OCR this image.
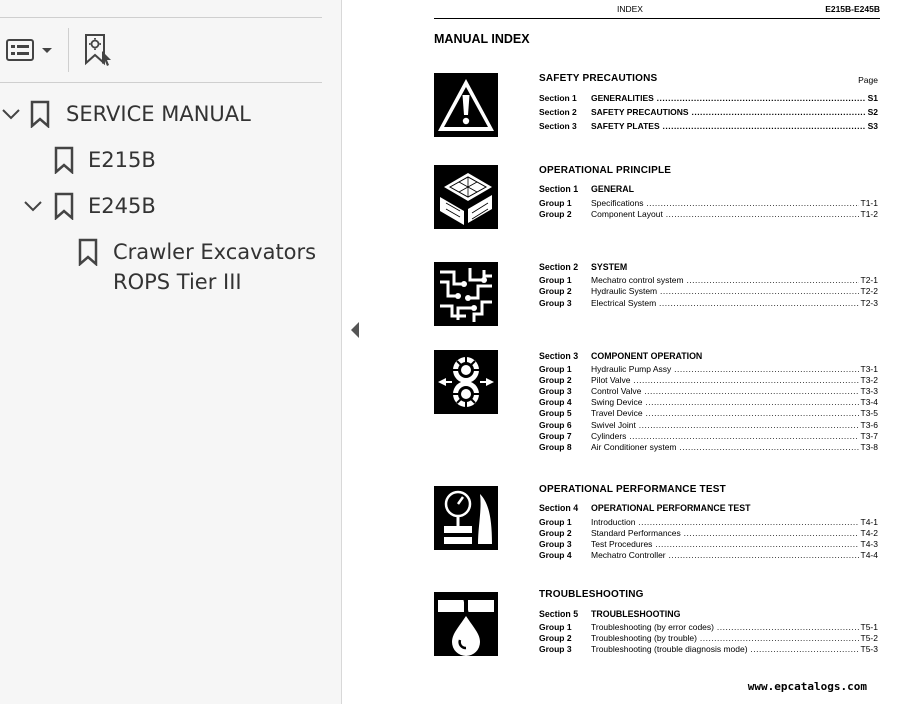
SERVICE MANUAL
E215B
E245B
Crawler Excavators
ROPS Tier III
INDEX	E215B-E245B
MANUAL INDEX
SAFETY PRECAUTIONS	Page
Section 1 GENERALITIES .....	S1
Section 2 SAFETY PRECAUTIONS .....	S2
Section 3 SAFETY PLATES .....	S3
OPERATIONAL PRINCIPLE
Section 1 GENERAL
Group 1 Specifications .....	T1-1
Group 2 Component Layout .....	T1-2
Section 2 SYSTEM
Group 1 Mechatro control system .....	T2-1
Group 2 Hydraulic System .....	T2-2
Group 3 Electrical System .....	T2-3
Section 3 COMPONENT OPERATION
Group 1 Hydraulic Pump Assy .....	T3-1
Group 2 Pilot Valve .....	T3-2
Group 3 Control Valve .....	T3-3
Group 4 Swing Device .....	T3-4
Group 5 Travel Device .....	T3-5
Group 6 Swivel Joint .....	T3-6
Group 7 Cylinders .....	T3-7
Group 8 Air Conditioner system .....	T3-8
OPERATIONAL PERFORMANCE TEST
Section 4 OPERATIONAL PERFORMANCE TEST
Group 1 Introduction .....	T4-1
Group 2 Standard Performances .....	T4-2
Group 3 Test Procedures .....	T4-3
Group 4 Mechatro Controller .....	T4-4
TROUBLESHOOTING
Section 5 TROUBLESHOOTING
Group 1 Troubleshooting (by error codes) .....	T5-1
Group 2 Troubleshooting (by trouble) .....	T5-2
Group 3 Troubleshooting (trouble diagnosis mode) .....	T5-3
www.epcatalogs.com
